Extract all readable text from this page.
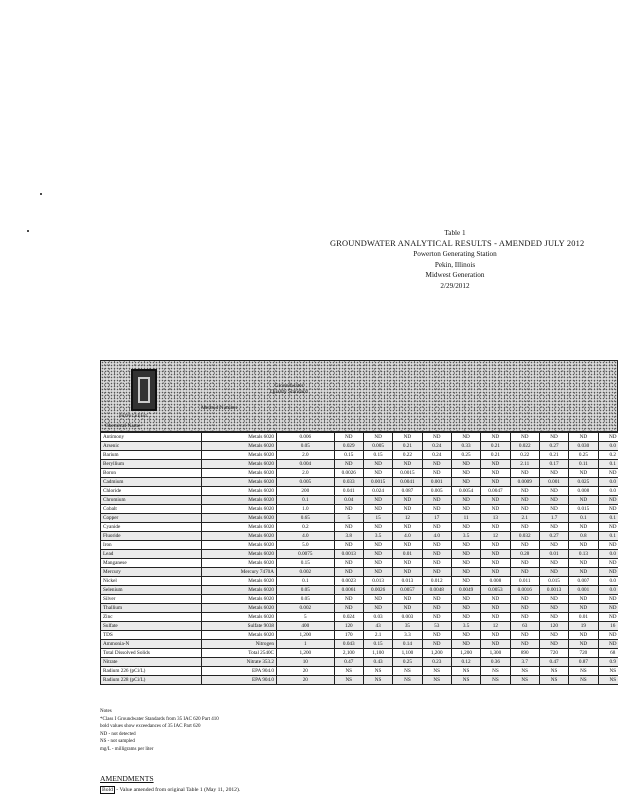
Table 1
GROUNDWATER ANALYTICAL RESULTS - AMENDED JULY 2012
Powerton Generating Station
Pekin, Illinois
Midwest Generation
2/29/2012
PATRICKENG
Method Number
Groundwater Quality Standard
Chemical Name
Antimony	Metals 6020	0.006	ND	ND	ND	ND	ND	ND	ND	ND	ND	ND
Arsenic	Metals 6020	0.05	0.029	0.005	0.21	0.24	0.33	0.21	0.022	0.27	0.030	0.0
Barium	Metals 6020	2.0	0.15	0.15	0.22	0.24	0.25	0.21	0.22	0.21	0.25	0.2
Beryllium	Metals 6020	0.004	ND	ND	ND	ND	ND	ND	2.11	0.17	0.11	0.1
Boron	Metals 6020	2.0	0.0026	ND	0.0015	ND	ND	ND	ND	ND	ND	ND
Cadmium	Metals 6020	0.005	0.033	0.0015	0.0041	0.001	ND	ND	0.0009	0.001	0.025	0.0
Chloride	Metals 6020	200	0.041	0.024	0.087	0.005	0.0054	0.0047	ND	ND	0.008	0.0
Chromium	Metals 6020	0.1	0.04	ND	ND	ND	ND	ND	ND	ND	ND	ND
Cobalt	Metals 6020	1.0	ND	ND	ND	ND	ND	ND	ND	ND	0.015	ND
Copper	Metals 6020	0.65	5	15	12	17	11	13	2.1	1.7	0.1	0.1
Cyanide	Metals 6020	0.2	ND	ND	ND	ND	ND	ND	ND	ND	ND	ND
Fluoride	Metals 6020	4.0	3.8	3.5	4.0	4.0	3.5	12	0.032	0.27	0.8	0.1
Iron	Metals 6020	5.0	ND	ND	ND	ND	ND	ND	ND	ND	ND	ND
Lead	Metals 6020	0.0075	0.0013	ND	0.01	ND	ND	ND	0.28	0.01	0.13	0.0
Manganese	Metals 6020	0.15	ND	ND	ND	ND	ND	ND	ND	ND	ND	ND
Mercury	Mercury 7470A	0.002	ND	ND	ND	ND	ND	ND	ND	ND	ND	ND
Nickel	Metals 6020	0.1	0.0023	0.013	0.013	0.012	ND	0.008	0.011	0.015	0.007	0.0
Selenium	Metals 6020	0.05	0.0061	0.0026	0.0057	0.0048	0.0049	0.0053	0.0016	0.0013	0.001	0.0
Silver	Metals 6020	0.05	ND	ND	ND	ND	ND	ND	ND	ND	ND	ND
Thallium	Metals 6020	0.002	ND	ND	ND	ND	ND	ND	ND	ND	ND	ND
Zinc	Metals 6020	5	0.024	0.03	0.003	ND	ND	ND	ND	ND	0.01	ND
Sulfate	Sulfate 9038	400	120	43	35	53	3.5	12	63	120	19	16
TDS	Metals 6020	1,200	170	2.1	3.3	ND	ND	ND	ND	ND	ND	ND
Ammonia-N	Nitrogen	1	0.043	0.15	0.14	ND	ND	ND	ND	ND	ND	ND
Total Dissolved Solids	Total 2540C	1,200	2,100	1,100	1,100	1,200	1,200	1,300	890	720	720	68
Nitrate	Nitrate 353.2	10	0.47	0.43	0.25	0.23	0.12	0.36	3.7	0.47	0.87	0.9
Radium 226 (pCi/L)	EPA 904.0	20	NS	NS	NS	NS	NS	NS	NS	NS	NS	NS
Radium 228 (pCi/L)	EPA 904.0	20	NS	NS	NS	NS	NS	NS	NS	NS	NS	NS
Notes
*Class I Groundwater Standards from 35 IAC 620 Part 410
bold values show exceedances of 35 IAC Part 620
ND - not detected
NS - not sampled
mg/L - milligrams per liter
AMENDMENTS
Bold - Value amended from original Table 1 (May 11, 2012).
